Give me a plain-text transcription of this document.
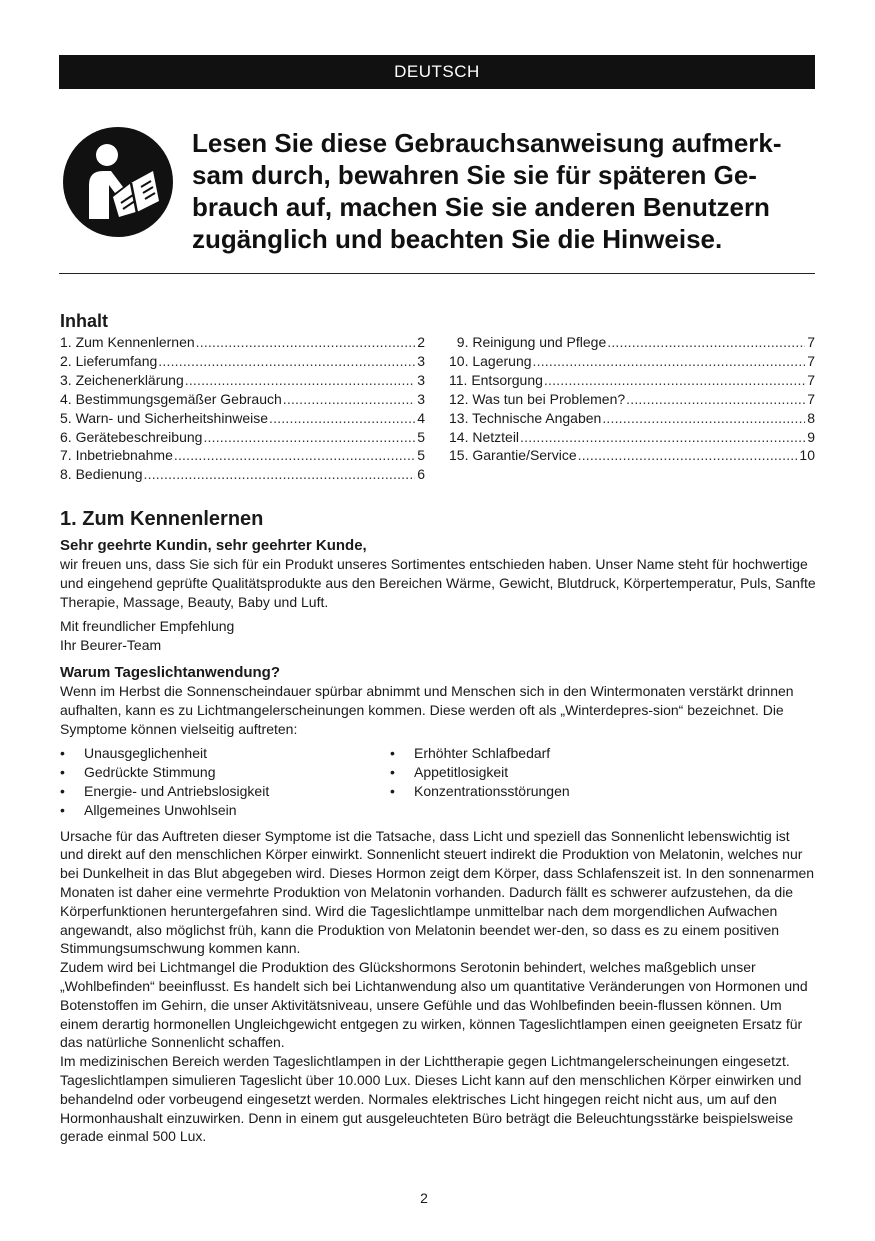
DEUTSCH

Lesen Sie diese Gebrauchsanweisung aufmerk-sam durch, bewahren Sie sie für späteren Ge-brauch auf, machen Sie sie anderen Benutzern zugänglich und beachten Sie die Hinweise.

Inhalt
1. Zum Kennenlernen .....	2
2. Lieferumfang .....	3
3. Zeichenerklärung .....	3
4. Bestimmungsgemäßer Gebrauch .....	3
5. Warn- und Sicherheitshinweise .....	4
6. Gerätebeschreibung .....	5
7. Inbetriebnahme .....	5
8. Bedienung .....	6
9. Reinigung und Pflege .....	7
10. Lagerung .....	7
11. Entsorgung .....	7
12. Was tun bei Problemen? .....	7
13. Technische Angaben .....	8
14. Netzteil .....	9
15. Garantie/Service .....	10
1. Zum Kennenlernen
Sehr geehrte Kundin, sehr geehrter Kunde,

wir freuen uns, dass Sie sich für ein Produkt unseres Sortimentes entschieden haben. Unser Name steht für hochwertige und eingehend geprüfte Qualitätsprodukte aus den Bereichen Wärme, Gewicht, Blutdruck, Körpertemperatur, Puls, Sanfte Therapie, Massage, Beauty, Baby und Luft.

Mit freundlicher Empfehlung

Ihr Beurer-Team

Warum Tageslichtanwendung?

Wenn im Herbst die Sonnenscheindauer spürbar abnimmt und Menschen sich in den Wintermonaten verstärkt drinnen aufhalten, kann es zu Lichtmangelerscheinungen kommen. Diese werden oft als „Winterdepres-sion“ bezeichnet. Die Symptome können vielseitig auftreten:

•	Unausgeglichenheit
•	Gedrückte Stimmung
•	Energie- und Antriebslosigkeit
•	Allgemeines Unwohlsein
•	Erhöhter Schlafbedarf
•	Appetitlosigkeit
•	Konzentrationsstörungen

Ursache für das Auftreten dieser Symptome ist die Tatsache, dass Licht und speziell das Sonnenlicht lebenswichtig ist und direkt auf den menschlichen Körper einwirkt. Sonnenlicht steuert indirekt die Produktion von Melatonin, welches nur bei Dunkelheit in das Blut abgegeben wird. Dieses Hormon zeigt dem Körper, dass Schlafenszeit ist. In den sonnenarmen Monaten ist daher eine vermehrte Produktion von Melatonin vorhanden. Dadurch fällt es schwerer aufzustehen, da die Körperfunktionen heruntergefahren sind. Wird die Tageslichtlampe unmittelbar nach dem morgendlichen Aufwachen angewandt, also möglichst früh, kann die Produktion von Melatonin beendet wer-den, so dass es zu einem positiven Stimmungsumschwung kommen kann.

Zudem wird bei Lichtmangel die Produktion des Glückshormons Serotonin behindert, welches maßgeblich unser „Wohlbefinden“ beeinflusst. Es handelt sich bei Lichtanwendung also um quantitative Veränderungen von Hormonen und Botenstoffen im Gehirn, die unser Aktivitätsniveau, unsere Gefühle und das Wohlbefinden beein-flussen können. Um einem derartig hormonellen Ungleichgewicht entgegen zu wirken, können Tageslichtlampen einen geeigneten Ersatz für das natürliche Sonnenlicht schaffen.

Im medizinischen Bereich werden Tageslichtlampen in der Lichttherapie gegen Lichtmangelerscheinungen eingesetzt. Tageslichtlampen simulieren Tageslicht über 10.000 Lux. Dieses Licht kann auf den menschlichen Körper einwirken und behandelnd oder vorbeugend eingesetzt werden. Normales elektrisches Licht hingegen reicht nicht aus, um auf den Hormonhaushalt einzuwirken. Denn in einem gut ausgeleuchteten Büro beträgt die Beleuchtungsstärke beispielsweise gerade einmal 500 Lux.

2
